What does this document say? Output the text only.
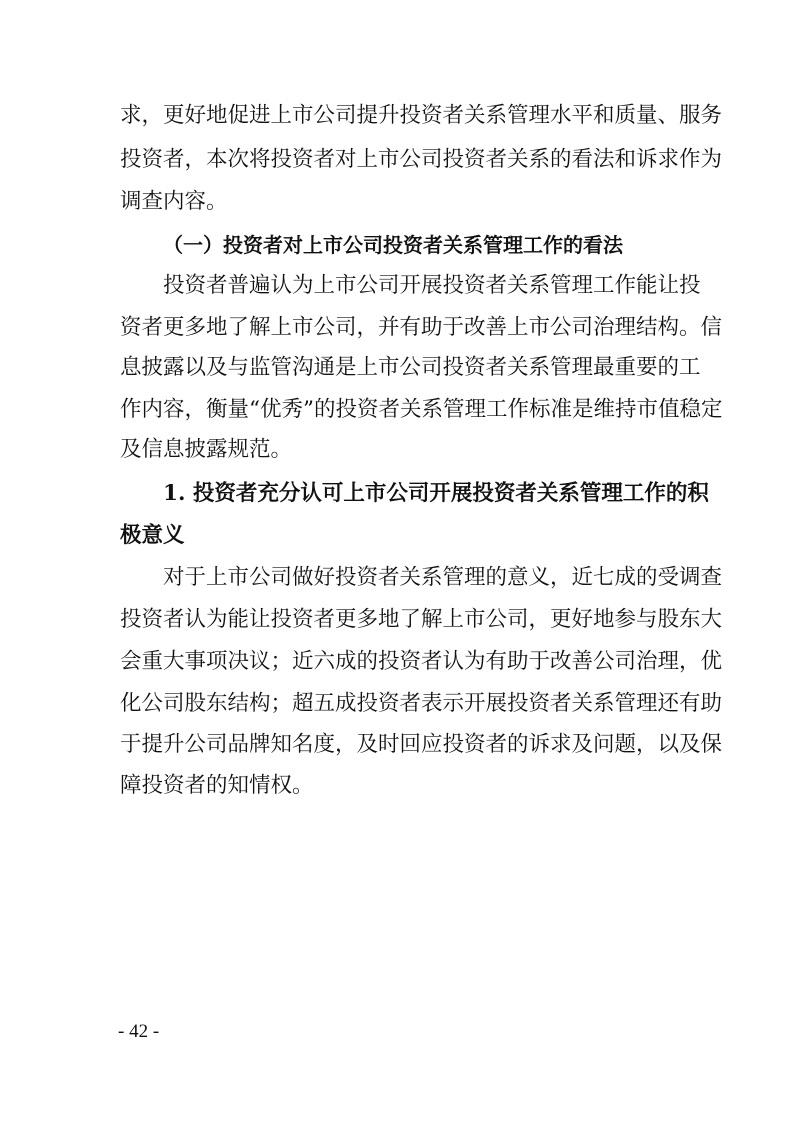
求，更好地促进上市公司提升投资者关系管理水平和质量、服务
投资者，本次将投资者对上市公司投资者关系的看法和诉求作为
调查内容。
（一）投资者对上市公司投资者关系管理工作的看法
投资者普遍认为上市公司开展投资者关系管理工作能让投
资者更多地了解上市公司，并有助于改善上市公司治理结构。信
息披露以及与监管沟通是上市公司投资者关系管理最重要的工
作内容，衡量“优秀”的投资者关系管理工作标准是维持市值稳定
及信息披露规范。
1. 投资者充分认可上市公司开展投资者关系管理工作的积
极意义
对于上市公司做好投资者关系管理的意义，近七成的受调查
投资者认为能让投资者更多地了解上市公司，更好地参与股东大
会重大事项决议；近六成的投资者认为有助于改善公司治理，优
化公司股东结构；超五成投资者表示开展投资者关系管理还有助
于提升公司品牌知名度，及时回应投资者的诉求及问题，以及保
障投资者的知情权。
- 42 -
